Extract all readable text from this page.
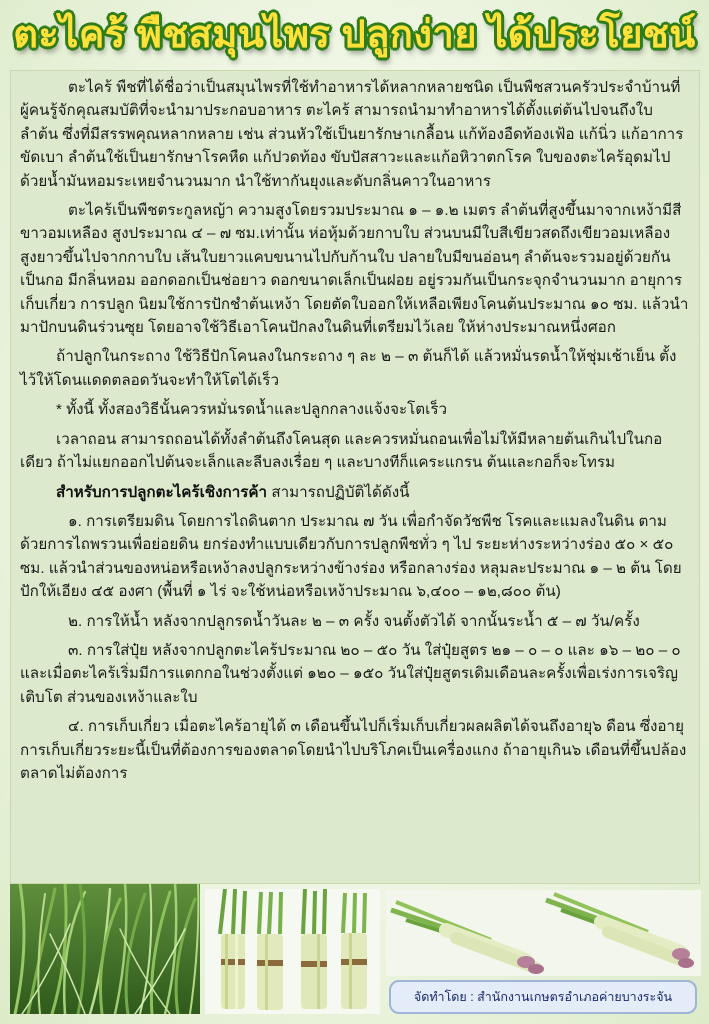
ตะไคร้ พืชสมุนไพร ปลูกง่าย ได้ประโยชน์

ตะไคร้ พืชที่ได้ชื่อว่าเป็นสมุนไพรที่ใช้ทำอาหารได้หลากหลายชนิด เป็นพืชสวนครัวประจำบ้านที่ผู้คนรู้จักคุณสมบัติที่จะนำมาประกอบอาหาร ตะไคร้ สามารถนำมาทำอาหารได้ตั้งแต่ต้นไปจนถึงใบ ลำต้น ซึ่งที่มีสรรพคุณหลากหลาย เช่น ส่วนหัวใช้เป็นยารักษาเกลื้อน แก้ท้องอืดท้องเฟ้อ แก้นิ่ว แก้อาการขัดเบา ลำต้นใช้เป็นยารักษาโรคหืด แก้ปวดท้อง ขับปัสสาวะและแก้อหิวาตกโรค ใบของตะไคร้อุดมไปด้วยน้ำมันหอมระเหยจำนวนมาก นำใช้ทากันยุงและดับกลิ่นคาวในอาหาร

ตะไคร้เป็นพืชตระกูลหญ้า ความสูงโดยรวมประมาณ ๑ – ๑.๒ เมตร ลำต้นที่สูงขึ้นมาจากเหง้ามีสีขาวอมเหลือง สูงประมาณ ๔ – ๗ ซม.เท่านั้น ห่อหุ้มด้วยกาบใบ ส่วนบนมีใบสีเขียวสดถึงเขียวอมเหลือง สูงยาวขึ้นไปจากกาบใบ เส้นใบยาวแคบขนานไปกับก้านใบ ปลายใบมีขนอ่อนๆ ลำต้นจะรวมอยู่ด้วยกันเป็นกอ มีกลิ่นหอม ออกดอกเป็นช่อยาว ดอกขนาดเล็กเป็นฝอย อยู่รวมกันเป็นกระจุกจำนวนมาก อายุการเก็บเกี่ยว การปลูก นิยมใช้การปักชำต้นเหง้า โดยตัดใบออกให้เหลือเพียงโคนต้นประมาณ ๑๐ ซม. แล้วนำมาปักบนดินร่วนซุย โดยอาจใช้วิธีเอาโคนปักลงในดินที่เตรียมไว้เลย ให้ห่างประมาณหนึ่งศอก

ถ้าปลูกในกระถาง ใช้วิธีปักโคนลงในกระถาง ๆ ละ ๒ – ๓ ต้นก็ได้ แล้วหมั่นรดน้ำให้ชุ่มเช้าเย็น ตั้งไว้ให้โดนแดดตลอดวันจะทำให้โตได้เร็ว

* ทั้งนี้ ทั้งสองวิธีนั้นควรหมั่นรดน้ำและปลูกกลางแจ้งจะโตเร็ว

เวลาถอน สามารถถอนได้ทั้งลำต้นถึงโคนสุด และควรหมั่นถอนเพื่อไม่ให้มีหลายต้นเกินไปในกอเดียว ถ้าไม่แยกออกไปต้นจะเล็กและลีบลงเรื่อย ๆ และบางทีก็แคระแกรน ต้นและกอก็จะโทรม

สำหรับการปลูกตะไคร้เชิงการค้า สามารถปฏิบัติได้ดังนี้

๑. การเตรียมดิน โดยการไถดินตาก ประมาณ ๗ วัน เพื่อกำจัดวัชพืช โรคและแมลงในดิน ตามด้วยการไถพรวนเพื่อย่อยดิน ยกร่องทำแบบเดียวกับการปลูกพืชทั่ว ๆ ไป ระยะห่างระหว่างร่อง ๕๐ × ๕๐ ซม. แล้วนำส่วนของหน่อหรือเหง้าลงปลูกระหว่างข้างร่อง หรือกลางร่อง หลุมละประมาณ ๑ – ๒ ต้น โดยปักให้เอียง ๔๕ องศา (พื้นที่ ๑ ไร่ จะใช้หน่อหรือเหง้าประมาณ ๖,๔๐๐ – ๑๒,๘๐๐ ต้น)

๒. การให้น้ำ หลังจากปลูกรดน้ำวันละ ๒ – ๓ ครั้ง จนตั้งตัวได้ จากนั้นระน้ำ ๕ – ๗ วัน/ครั้ง

๓. การใส่ปุ๋ย หลังจากปลูกตะไคร้ประมาณ ๒๐ – ๕๐ วัน ใส่ปุ๋ยสูตร ๒๑ – ๐ – ๐ และ ๑๖ – ๒๐ – ๐ และเมื่อตะไคร้เริ่มมีการแตกกอในช่วงตั้งแต่ ๑๒๐ – ๑๕๐ วันใส่ปุ๋ยสูตรเดิมเดือนละครั้งเพื่อเร่งการเจริญเติบโต ส่วนของเหง้าและใบ

๔. การเก็บเกี่ยว เมื่อตะไคร้อายุได้ ๓ เดือนขึ้นไปก็เริ่มเก็บเกี่ยวผลผลิตได้จนถึงอายุ๖ ดือน ซึ่งอายุการเก็บเกี่ยวระยะนี้เป็นที่ต้องการของตลาดโดยนำไปบริโภคเป็นเครื่องแกง ถ้าอายุเกิน๖ เดือนที่ขึ้นปล้องตลาดไม่ต้องการ

จัดทำโดย : สำนักงานเกษตรอำเภอค่ายบางระจัน
